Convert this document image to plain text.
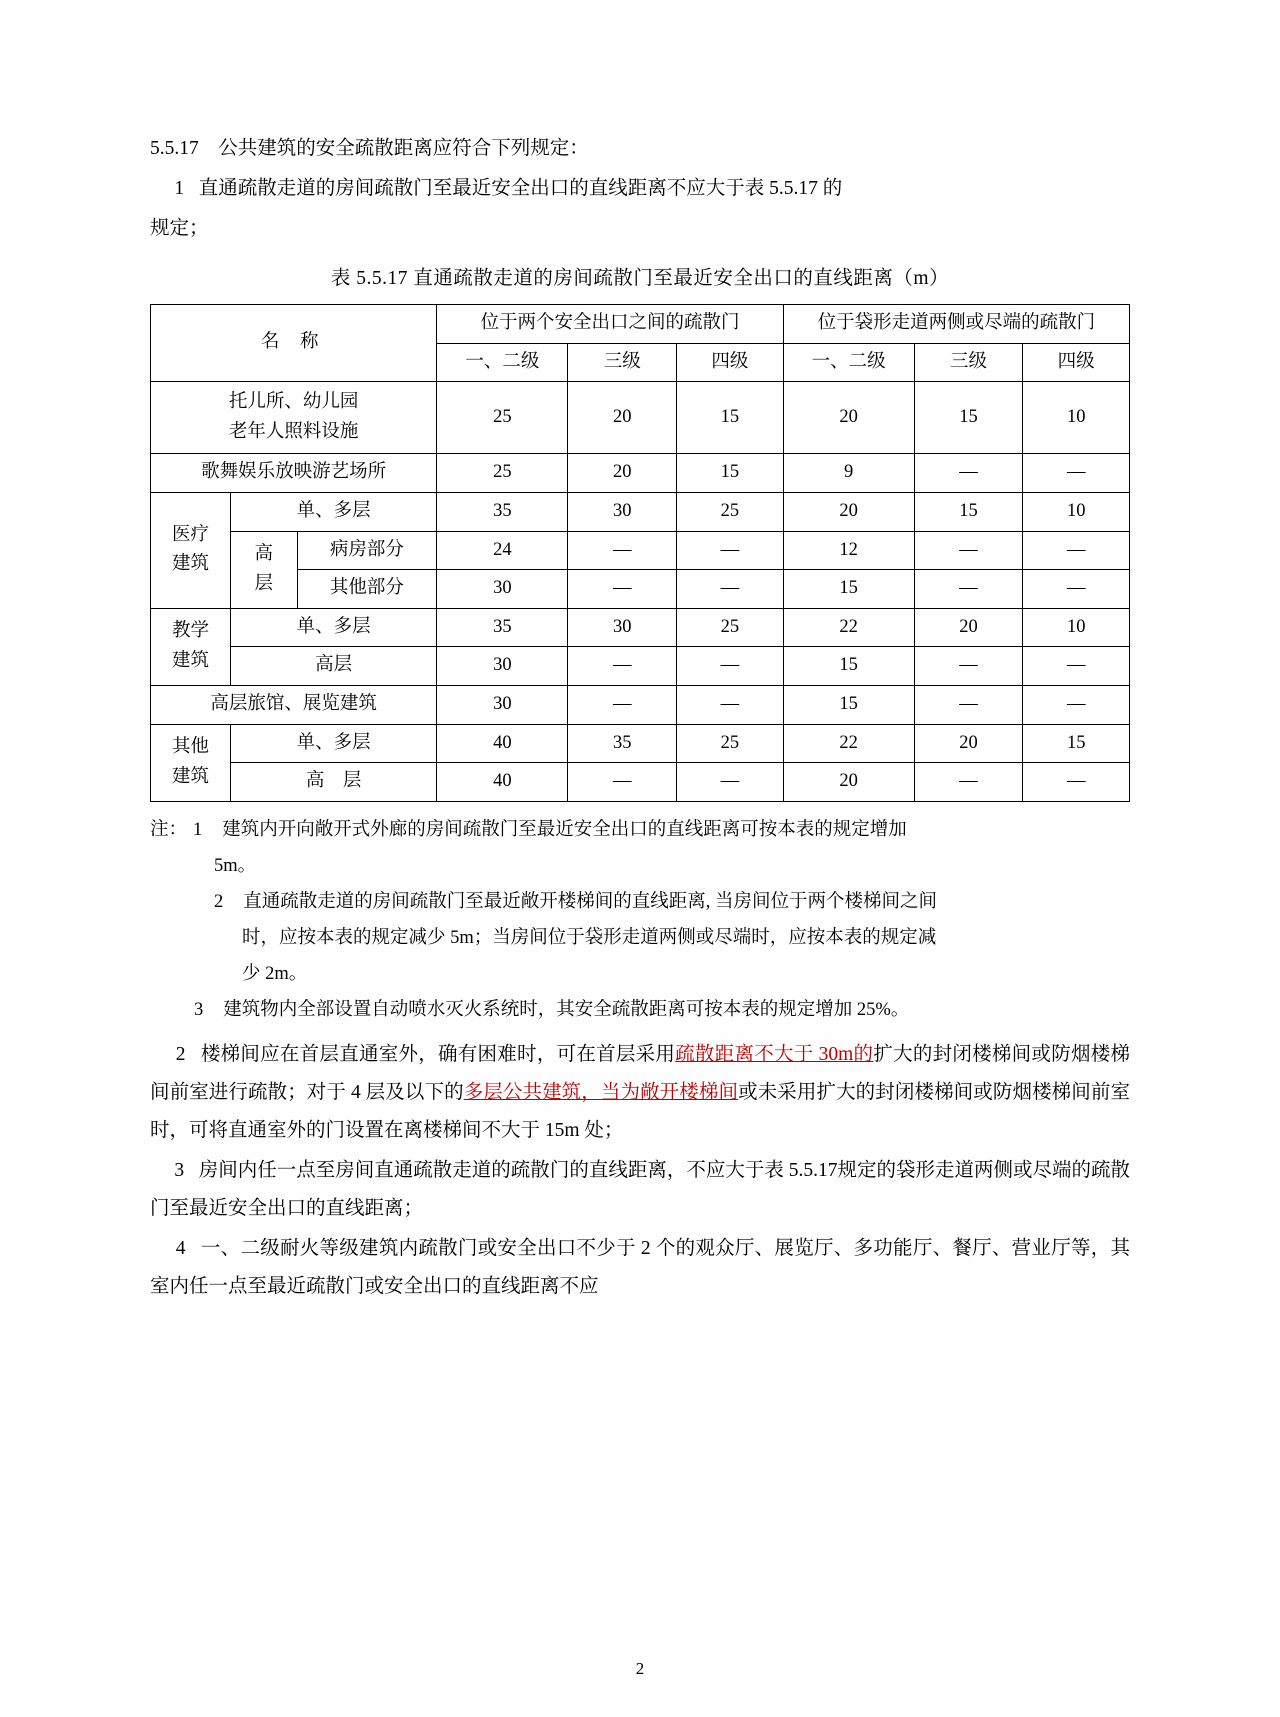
5.5.17 公共建筑的安全疏散距离应符合下列规定：

1 直通疏散走道的房间疏散门至最近安全出口的直线距离不应大于表 5.5.17 的

规定；

表 5.5.17 直通疏散走道的房间疏散门至最近安全出口的直线距离（m）
名 称			位于两个安全出口之间的疏散门			位于袋形走道两侧或尽端的疏散门		
			一、二级	三级	四级	一、二级	三级	四级

托儿所、幼儿园
老年人照料设施			25	20	15	20	15	10
歌舞娱乐放映游艺场所			25	20	15	9	—	—

医疗
建筑	单、多层		35	30	25	20	15	10

	高
层	病房部分	24	—	—	12	—	—
		其他部分	30	—	—	15	—	—

教学
建筑	单、多层		35	30	25	22	20	10
	高层		30	—	—	15	—	—
高层旅馆、展览建筑			30	—	—	15	—	—

其他
建筑	单、多层		40	35	25	22	20	15
	高　层		40	—	—	20	—	—
注： 1	建筑内开向敞开式外廊的房间疏散门至最近安全出口的直线距离可按本表的规定增加
5m。
2	直通疏散走道的房间疏散门至最近敞开楼梯间的直线距离, 当房间位于两个楼梯间之间
时，应按本表的规定减少 5m；当房间位于袋形走道两侧或尽端时，应按本表的规定减
少 2m。
3	建筑物内全部设置自动喷水灭火系统时，其安全疏散距离可按本表的规定增加 25%。

2 楼梯间应在首层直通室外，确有困难时，可在首层采用疏散距离不大于 30m的扩大的封闭楼梯间或防烟楼梯间前室进行疏散；对于 4 层及以下的多层公共建筑，当为敞开楼梯间或未采用扩大的封闭楼梯间或防烟楼梯间前室时，可将直通室外的门设置在离楼梯间不大于 15m 处；

3 房间内任一点至房间直通疏散走道的疏散门的直线距离，不应大于表 5.5.17规定的袋形走道两侧或尽端的疏散门至最近安全出口的直线距离；

4 一、二级耐火等级建筑内疏散门或安全出口不少于 2 个的观众厅、展览厅、多功能厅、餐厅、营业厅等，其室内任一点至最近疏散门或安全出口的直线距离不应

2
